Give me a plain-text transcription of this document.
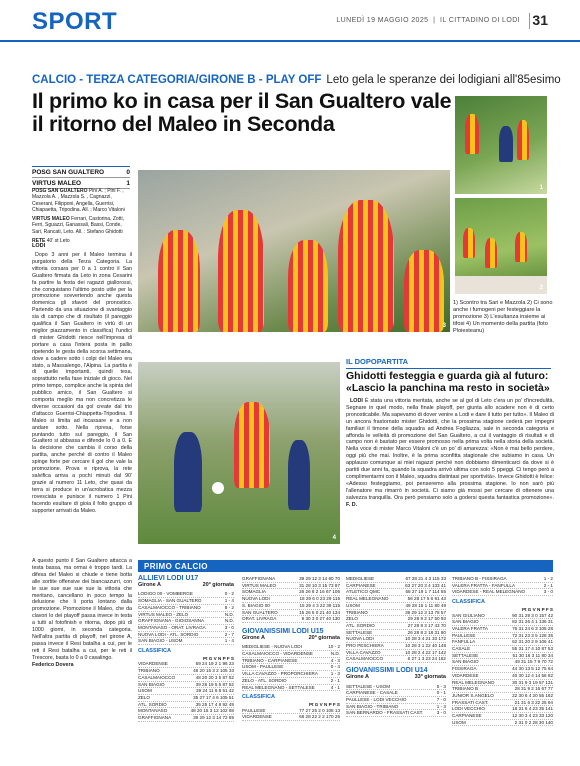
SPORT	LUNEDÌ 19 MAGGIO 2025  |  IL CITTADINO DI LODI 31
CALCIO - TERZA CATEGORIA/GIRONE B - PLAY OFF Leto gela le speranze dei lodigiani all'85esimo
Il primo ko in casa per il San Gualtero vale il ritorno del Maleo in Seconda
1
2
3
4
1) Scontro tra Sari e Mazzola 2) Ci sono anche i fumogeni per festeggiare la promozione 3) L'esultanza insieme ai tifosi 4) Un momento della partita (foto Ploiesteanu)
POSG SAN GUALTERO	0
VIRTUS MALEO	1

POSG SAN GUALTERO Pini A. ; Pini F. , Mazzola A. , Mazzola S. , Cagnazzi, Ceserani, Filipponi, Angella, Guerrisi, Chiapaetta, Tripodina. All. : Marco Vitaloni

VIRTUS MALEO Ferrari, Castorina, Zotti, Ferri, Sguazzi, Ganassali, Bassi, Conde, Sari, Rancati, Leto. All. : Stefano Ghidotti

RETE 40' st Leto

LODI

Dopo 3 anni per il Maleo termina il purgatorio della Terza Categoria. La vittoria corsara per 0 a 1 contro il San Gualtero firmata da Leto in zona Cesarini fa partire la festa dei ragazzi giallorossi, che conquistano l'ultimo posto utile per la promozione sovvertendo anche questa domenica gli sfavori del pronostico. Partendo da una situazione di svantaggio sia di campo che di risultato (il pareggio qualifica il San Gualtero in virtù di un miglior piazzamento in classifica) l'undici di mister Ghidotti riesce nell'impresa di portare a casa l'intera posta in pallio ripetendo le gesta della scorsa settimana, dove a cadere sotto i colpi del Maleo era stato, a Massalengo, l'Alpina. La partita è di quelle importanti, quindi tesa, soprattutto nella fase iniziale di gioco. Nel primo tempo, complice anche la spinta del pubblico amico, il San Gualtero si comporta meglio ma non concretizza le diverse occasioni da gol create dal trio d'attacco Guerrisi-Chiappetta-Tripodina. Il Maleo si limita ad incassare e a non andare sotto. Nella ripresa, forse puntando tutto sul pareggio, il San Gualtero si abbassa e difende lo 0 a 0. E la decisione che cambia il corso della partita, anche perché di contro il Maleo spinge forte per cercare il gol che vale la promozione. Prova e riprova, la rete salvifica arriva a pochi minuti dal 90' grazie al numero 11 Leto, che quasi da terra si produce in un'acrobatica mezza rovesciata e punisce il numero 1 Pini facendo esultare di gioia il folto gruppo di supporter arrivati da Maleo.

A questo punto il San Gualtero attacca a testa bassa, ma ormai è troppo tardi. La difesa del Maleo si chiude e tiene botta alle sortite offensive dei biancazzurri, con le sue sue sue sue sue la vittoria che meritano, cancellano in poco tempo la delusione che li porta lontano dalla promozione. Promozione il Maleo, che da clavori lo dei playoff passa invece in testa a tutti al fotofinish e ritorna, dopo più di 1000 giorni, in seconda categoria. Nell'altra partita di playoff, nel girone A, passa invece il Resi batalha a cui, per le reti il Resi batalha a cui, per le reti il Trescore, basta lo 0 a 0 casalingo.

Federico Dovera

IL DOPOPARTITA
Ghidotti festeggia e guarda già al futuro: «Lascio la panchina ma resto in società»

LODI È stata una vittoria meritata, anche se al gol di Leto c'era un po' d'incredulità. Segnare in quel modo, nella finale playoff, per giunta allo scadere non è di certo pronosticabile. Ma sapevamo di dover venire a Lodi e dare il tutto per tutto». Il Maleo di un ancora frastornato mister Ghidotti, che la prossima stagione cederà per impegni familiari il timone della squadra ad Andrea Fogliazza, sale in seconda categoria e affonda le velleità di promozione del San Gualtero, a cui il vantaggio di risultati e di campo non è bastato per essere promosso nella prima volta nella storia della società. Nella voce di mister Marco Vitaloni c'è un po' di amarezza: «Non è mai bello perdere, oggi più che mai. Inoltre, è la prima sconfitta stagionale che subiamo in casa. Un applauso comunque ai miei ragazzi perché non dobbiamo dimenticarci da dove si è partiti due anni fa, quando la squadra arrivò ultima con solo 5 ppeggi. Ci tengo però a complimentarmi con il Maleo, squadra distintasi per sportività». Invece Ghidotti è felice: «Adesso festeggiamo, poi penseremo alla prossima stagione. Io non sarò più l'allenatore ma rimarrò in società. Ci siamo già mossi per cercare di ottenere una salvezza tranquilla. Ora però pensiamo solo a godersi questa fantastica promozione». F. D.

PRIMO CALCIO
ALLIEVI LODI U17
Girone A	20ª giornata
LODIGO 00 - VOMBERGE	0 - 2
SOMAGLIA - SAN GUALTERO	1 - 4
CASALMAIOCCO - TRIBIANO	8 - 2
VIRTUS MALEO - ZELO	N.D.
GRAFFIGNANA - GIOIOSANNA	N.D.
MONTANASO - ORAT. LIVRAGA	3 - 0
NUOVA LODI - ATL. SORDIO	2 - 7
SAN BIAGIO - USOM	1 - 4
CLASSIFICA
Pt G V N P F S
VIDARDENSE	59 24 19 2 1 96 23
TRIBIANO	48 20 15 3 2 105 33
CASALMAIOCCO	48 20 20 3 5 87 52
SAN BIAGIO	39 28 19 5 5 87 52
USOM	39 24 11 6 8 51 42
ZELO	35 27 17 4 6 105 51
ATL. SORDIO	35 25 17 4 8 92 49
MONTANASO	48 20 15 3 12 102 68
GRAFFIGNANA	39 29 12 3 14 72 85
GRAFFIGNANA	39 29 12 3 14 60 70
VIRTUS MALEO	31 28 10 3 15 73 87
SOMAGLIA	26 26 8 2 16 67 106
NUOVA LODI	18 29 6 0 23 29 115
S. BIAGIO 00	15 29 4 3 22 38 115
SAN GUALTERO	15 26 5 0 21 40 134
ORAT. LIVRAGA	9 30 3 0 27 40 130
GIOVANISSIMI LODI U15
Girone A	20ª giornata
MEDIGLIESE - NUOVA LODI	10 - 2
CASALMAIOCCO - VIDARDENSE	N.D.
TRIBIANO - CARPIANESE	4 - 3
USOM - PAULLESE	0 - 4
VILLA CAVAZZO - PROPORCHIERA	1 - 3
ZELO - ATL. SORDIO	2 - 1
REAL MELEGNANO - SETTALESE	4 - 1
CLASSIFICA
Pt G V N P F S
PAULLESE	77 27 25 2 0 108 13
VIDARDENSE	68 28 22 2 2 170 26
MEDIGLIESE	67 28 21 4 3 115 33
CARPIANESE	63 27 20 3 4 133 41
ATLETICO QMC	58 27 19 1 7 114 55
REAL MELEGNANO	56 28 17 5 6 91 43
USOM	49 28 15 1 11 80 49
TRIBIANO	39 29 12 3 13 78 57
ZELO	29 28 9 2 17 50 93
ATL. SORDIO	27 28 8 3 17 43 70
SETTALESE	26 28 8 2 18 31 80
NUOVA LODI	10 28 3 4 21 33 172
PRO PESCHIERA	10 28 3 1 22 40 148
VILLA CAVAZZO	10 28 2 4 22 17 142
CASALMAIOCCO	6 27 1 3 23 24 162
GIOVANISSIMI LODI U14
Girone A	33ª giornata
SETTALESE - USOM	5 - 3
CARPIANESE - CASALE	0 - 1
PAULLESE - LODI VECCHIO	7 - 0
SAN BIAGIO - TRIBIANO	1 - 3
SAN BERNARDO - FRASSATI CAST.	3 - 0
TRIBIANO B - FISSIRAGA	1 - 2
VALERA FRATTA - FANFULLA	2 - 1
VIDARDESE - REAL MELEGNANO	3 - 0
CLASSIFICA
Pt G V N P F S
SAN GIULIANO	90 31 29 3 0 157 42
SAN BIAGIO	82 31 26 4 1 136 31
VALERA FRATTA	76 31 24 6 3 105 28
PAULLESE	72 31 23 3 5 128 35
FANFULLA	62 31 20 2 9 106 41
CASALE	55 31 17 4 10 87 53
SETTALESE	51 30 16 3 11 80 34
SAN BIAGIO	49 31 15 7 9 70 72
FISSIRAGA	44 30 13 5 12 75 64
VIDARDESE	40 30 12 4 14 58 82
REAL MELEGNANO	30 31 9 3 19 57 131
TRIBIANO B	28 31 9 2 16 67 77
JUNIOR S.ANGELO	22 30 6 4 20 55 162
FRASSATI CAST.	21 31 6 3 22 25 94
LODI VECCHIO	18 31 6 4 23 35 141
CARPIANESE	12 30 3 4 23 33 120
USOM	2 31 0 2 28 30 140
